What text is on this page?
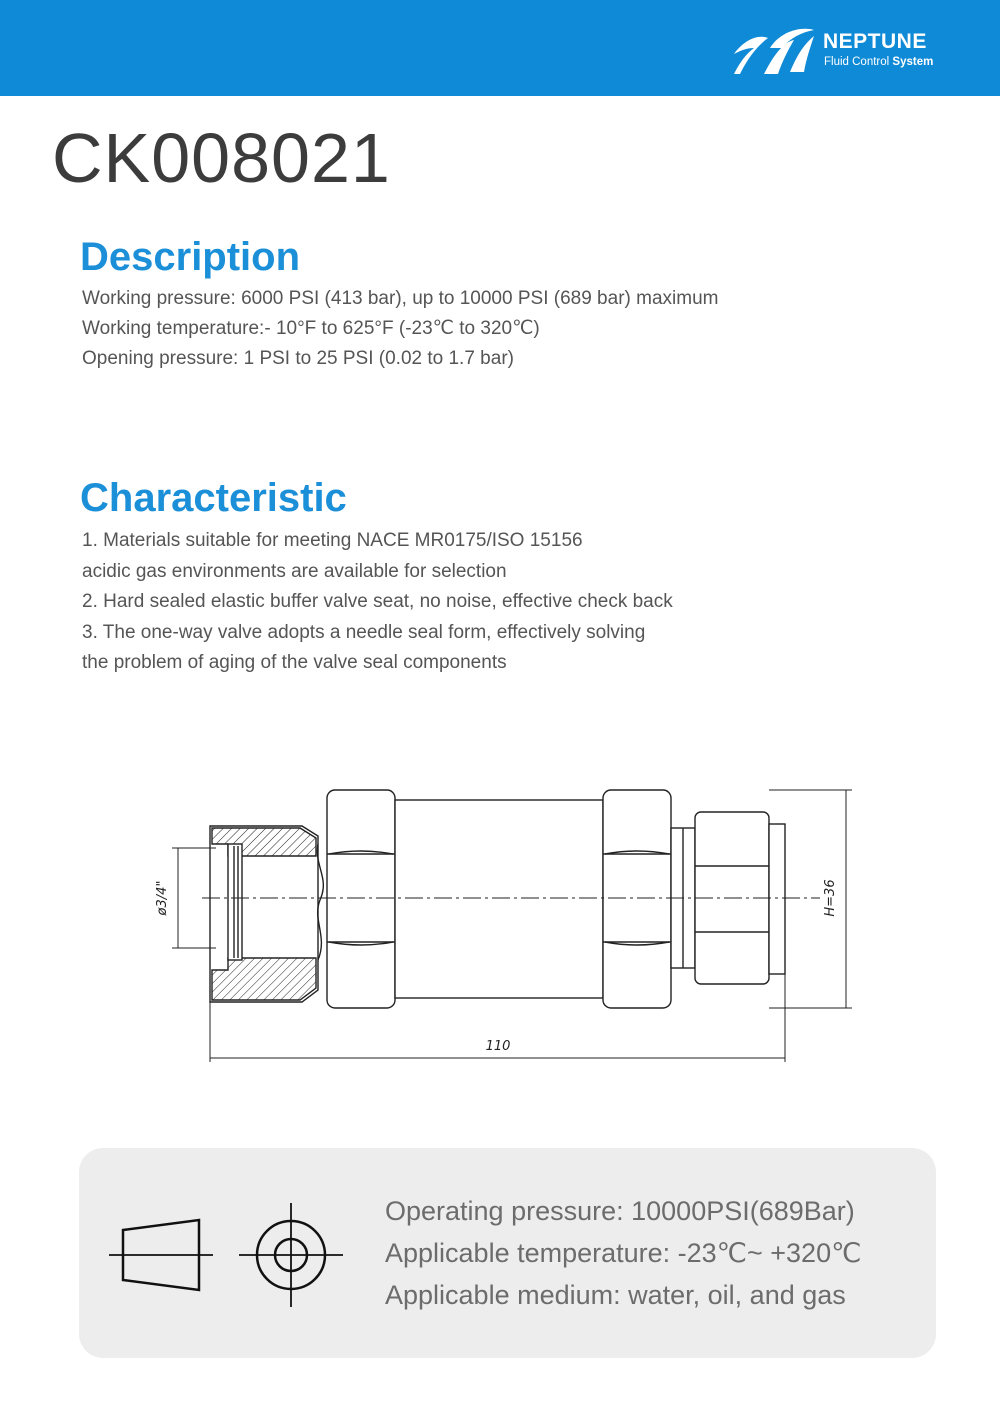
NEPTUNE
Fluid Control System
CK008021
Description
Working pressure: 6000 PSI (413 bar), up to 10000 PSI (689 bar) maximum
Working temperature:- 10°F to 625°F (-23℃ to 320℃)
Opening pressure: 1 PSI to 25 PSI (0.02 to 1.7 bar)
Characteristic
1. Materials suitable for meeting NACE MR0175/ISO 15156
acidic gas environments are available for selection
2. Hard sealed elastic buffer valve seat, no noise, effective check back
3. The one-way valve adopts a needle seal form, effectively solving
the problem of aging of the valve seal components
ø3/4"	H=36
110
Operating pressure: 10000PSI(689Bar)
Applicable temperature: -23℃~ +320℃
Applicable medium: water, oil, and gas
